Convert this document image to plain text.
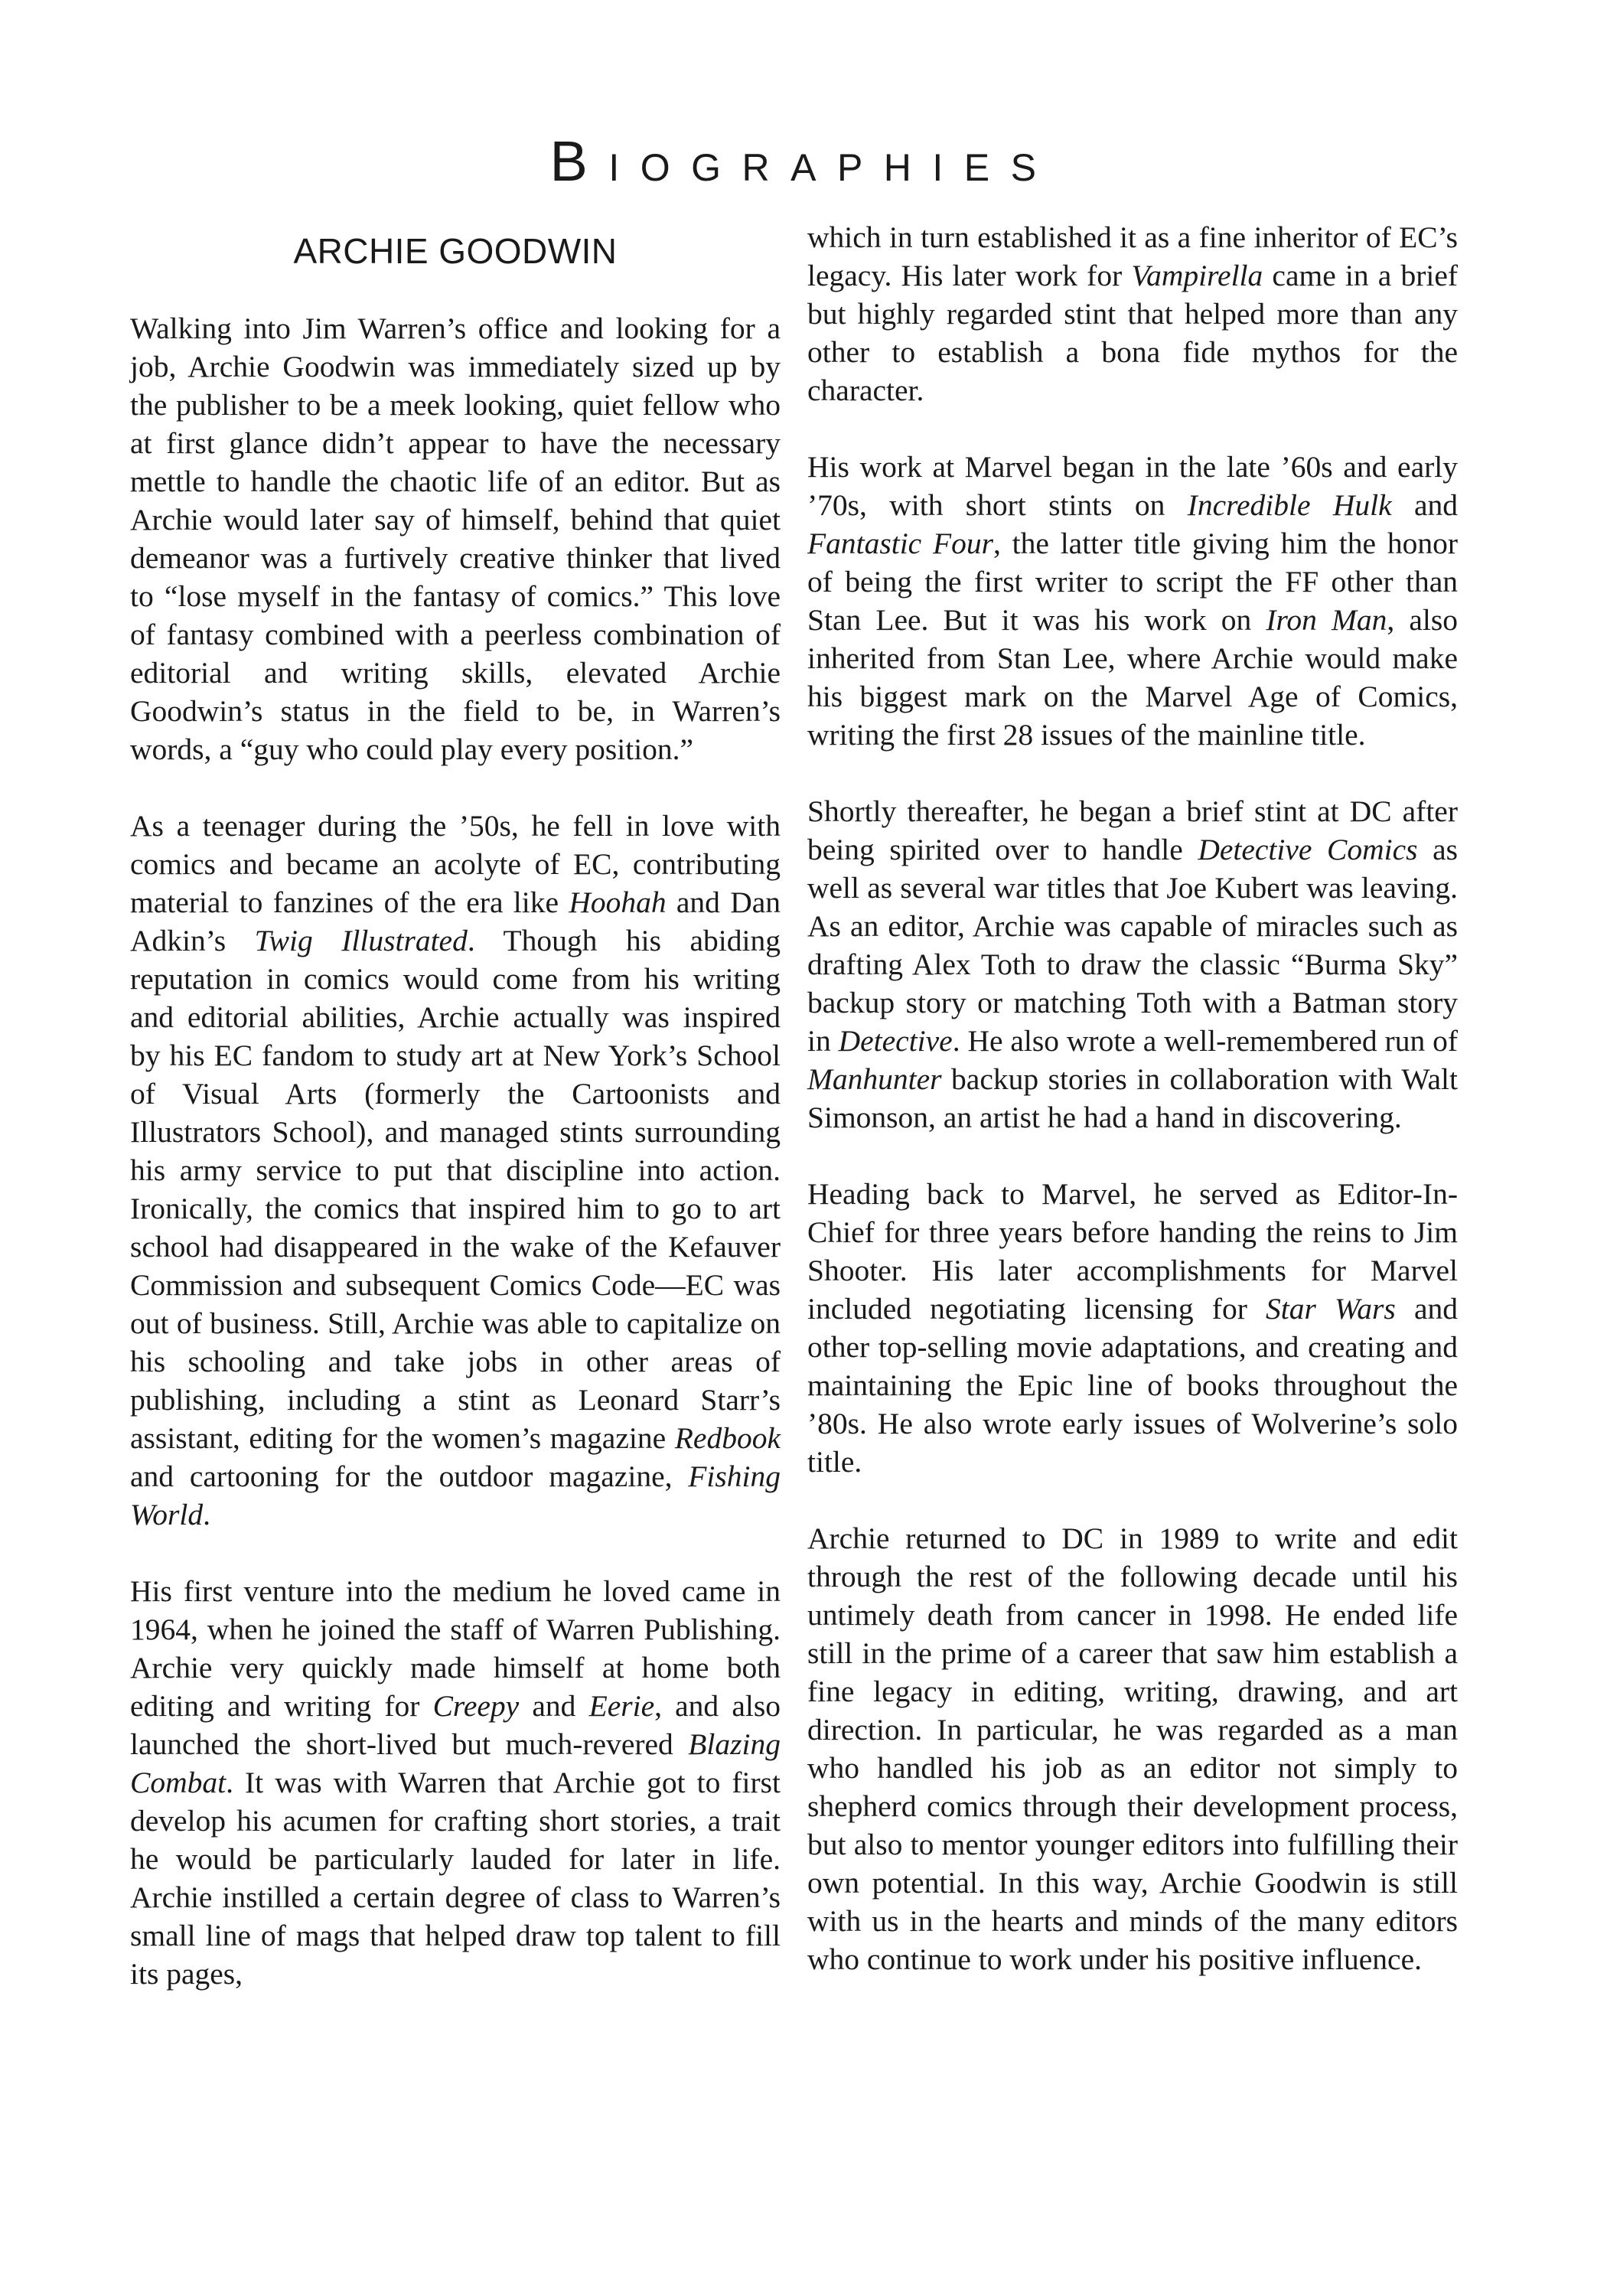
BIOGRAPHIES
ARCHIE GOODWIN

Walking into Jim Warren’s office and looking for a job, Archie Goodwin was immediately sized up by the publisher to be a meek looking, quiet fellow who at first glance didn’t appear to have the necessary mettle to handle the chaotic life of an editor. But as Archie would later say of himself, behind that quiet demeanor was a furtively creative thinker that lived to “lose myself in the fantasy of comics.” This love of fantasy combined with a peerless combination of editorial and writing skills, elevated Archie Goodwin’s status in the field to be, in Warren’s words, a “guy who could play every position.”

As a teenager during the ’50s, he fell in love with comics and became an acolyte of EC, contributing material to fanzines of the era like Hoohah and Dan Adkin’s Twig Illustrated. Though his abiding reputation in comics would come from his writing and editorial abilities, Archie actually was inspired by his EC fandom to study art at New York’s School of Visual Arts (formerly the Cartoonists and Illustrators School), and managed stints surrounding his army service to put that discipline into action. Ironically, the comics that inspired him to go to art school had disappeared in the wake of the Kefauver Commission and subsequent Comics Code—EC was out of business. Still, Archie was able to capitalize on his schooling and take jobs in other areas of publishing, including a stint as Leonard Starr’s assistant, editing for the women’s magazine Redbook and cartooning for the outdoor magazine, Fishing World.

His first venture into the medium he loved came in 1964, when he joined the staff of Warren Publishing. Archie very quickly made himself at home both editing and writing for Creepy and Eerie, and also launched the short-lived but much-revered Blazing Combat. It was with Warren that Archie got to first develop his acumen for crafting short stories, a trait he would be particularly lauded for later in life. Archie instilled a certain degree of class to Warren’s small line of mags that helped draw top talent to fill its pages,

which in turn established it as a fine inheritor of EC’s legacy. His later work for Vampirella came in a brief but highly regarded stint that helped more than any other to establish a bona fide mythos for the character.

His work at Marvel began in the late ’60s and early ’70s, with short stints on Incredible Hulk and Fantastic Four, the latter title giving him the honor of being the first writer to script the FF other than Stan Lee. But it was his work on Iron Man, also inherited from Stan Lee, where Archie would make his biggest mark on the Marvel Age of Comics, writing the first 28 issues of the mainline title.

Shortly thereafter, he began a brief stint at DC after being spirited over to handle Detective Comics as well as several war titles that Joe Kubert was leaving. As an editor, Archie was capable of miracles such as drafting Alex Toth to draw the classic “Burma Sky” backup story or matching Toth with a Batman story in Detective. He also wrote a well-remembered run of Manhunter backup stories in collaboration with Walt Simonson, an artist he had a hand in discovering.

Heading back to Marvel, he served as Editor-In-Chief for three years before handing the reins to Jim Shooter. His later accomplishments for Marvel included negotiating licensing for Star Wars and other top-selling movie adaptations, and creating and maintaining the Epic line of books throughout the ’80s. He also wrote early issues of Wolverine’s solo title.

Archie returned to DC in 1989 to write and edit through the rest of the following decade until his untimely death from cancer in 1998. He ended life still in the prime of a career that saw him establish a fine legacy in editing, writing, drawing, and art direction. In particular, he was regarded as a man who handled his job as an editor not simply to shepherd comics through their development process, but also to mentor younger editors into fulfilling their own potential. In this way, Archie Goodwin is still with us in the hearts and minds of the many editors who continue to work under his positive influence.
